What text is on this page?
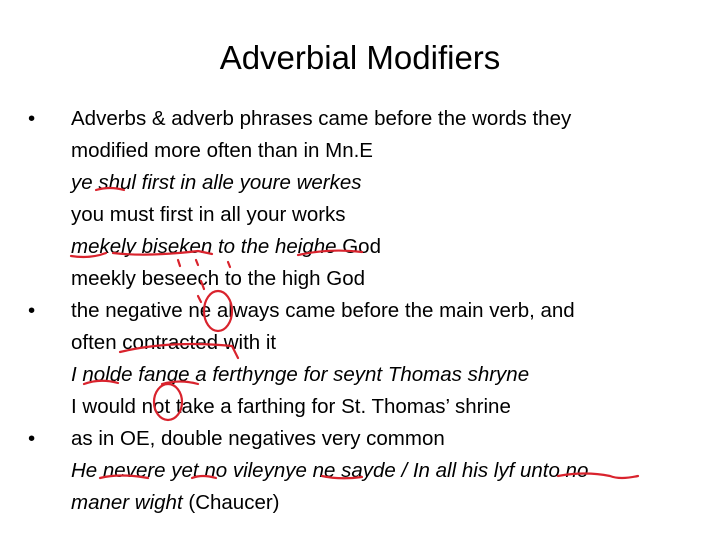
Adverbial Modifiers
• Adverbs & adverb phrases came before the words they
modified more often than in Mn.E
ye shul first in alle youre werkes
you must first in all your works
mekely biseken to the heighe God
meekly beseech to the high God
• the negative ne always came before the main verb, and
often contracted with it
I nolde fange a ferthynge for seynt Thomas shryne
I would not take a farthing for St. Thomas’ shrine
• as in OE, double negatives very common
He nevere yet no vileynye ne sayde / In all his lyf unto no
maner wight (Chaucer)
